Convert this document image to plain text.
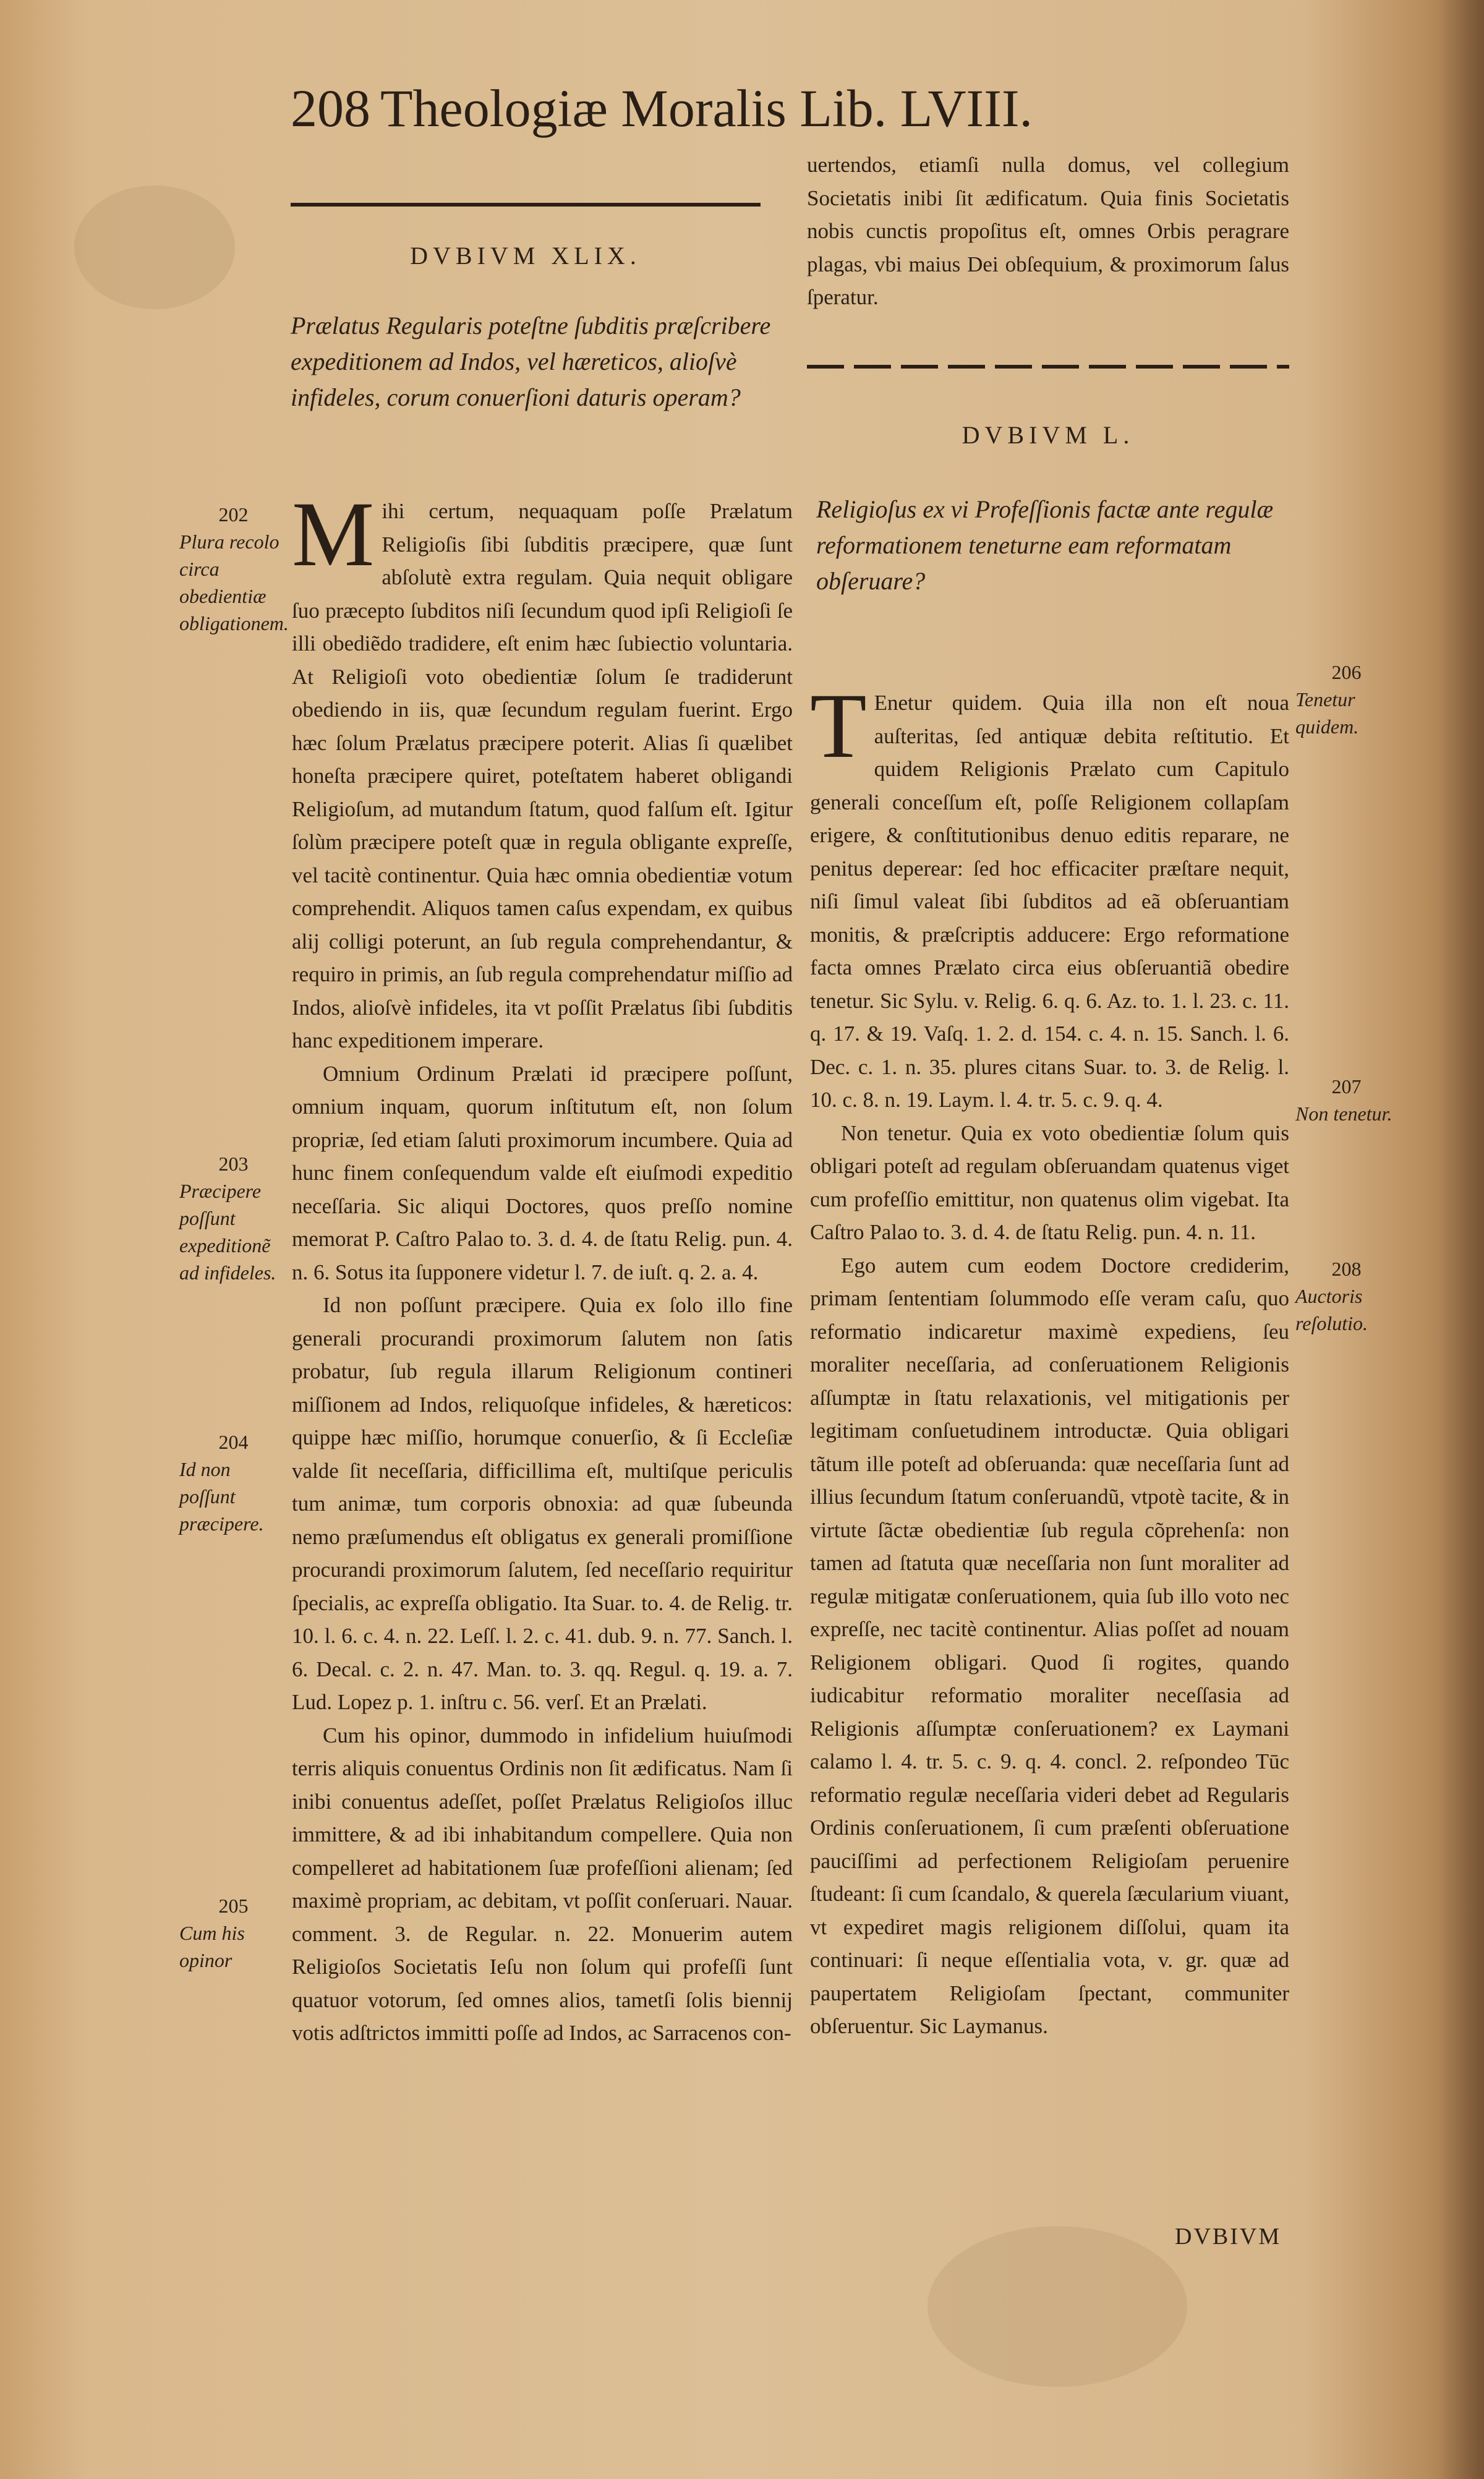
208 Theologiæ Moralis Lib. LVIII.
DVBIVM XLIX.
Prælatus Regularis poteſtne ſubditis præſcribere expeditionem ad Indos, vel hæreticos, alioſvè infideles, corum conuerſioni daturis operam?

Mihi certum, nequaquam poſſe Prælatum Religioſis ſibi ſubditis præcipere, quæ ſunt abſolutè extra regulam. Quia nequit obligare ſuo præcepto ſubditos niſi ſecundum quod ipſi Religioſi ſe illi obediẽdo tradidere, eſt enim hæc ſubiectio voluntaria. At Religioſi voto obedientiæ ſolum ſe tradiderunt obediendo in iis, quæ ſecundum regulam fuerint. Ergo hæc ſolum Prælatus præcipere poterit. Alias ſi quælibet honeſta præcipere quiret, poteſtatem haberet obligandi Religioſum, ad mutandum ſtatum, quod falſum eſt. Igitur ſolùm præcipere poteſt quæ in regula obligante expreſſe, vel tacitè continentur. Quia hæc omnia obedientiæ votum comprehendit. Aliquos tamen caſus expendam, ex quibus alij colligi poterunt, an ſub regula comprehendantur, & requiro in primis, an ſub regula comprehendatur miſſio ad Indos, alioſvè infideles, ita vt poſſit Prælatus ſibi ſubditis hanc expeditionem imperare.

Omnium Ordinum Prælati id præcipere poſſunt, omnium inquam, quorum inſtitutum eſt, non ſolum propriæ, ſed etiam ſaluti proximorum incumbere. Quia ad hunc finem conſequendum valde eſt eiuſmodi expeditio neceſſaria. Sic aliqui Doctores, quos preſſo nomine memorat P. Caſtro Palao to. 3. d. 4. de ſtatu Relig. pun. 4. n. 6. Sotus ita ſupponere videtur l. 7. de iuſt. q. 2. a. 4.

Id non poſſunt præcipere. Quia ex ſolo illo fine generali procurandi proximorum ſalutem non ſatis probatur, ſub regula illarum Religionum contineri miſſionem ad Indos, reliquoſque infideles, & hæreticos: quippe hæc miſſio, horumque conuerſio, & ſi Eccleſiæ valde ſit neceſſaria, difficillima eſt, multiſque periculis tum animæ, tum corporis obnoxia: ad quæ ſubeunda nemo præſumendus eſt obligatus ex generali promiſſione procurandi proximorum ſalutem, ſed neceſſario requiritur ſpecialis, ac expreſſa obligatio. Ita Suar. to. 4. de Relig. tr. 10. l. 6. c. 4. n. 22. Leſſ. l. 2. c. 41. dub. 9. n. 77. Sanch. l. 6. Decal. c. 2. n. 47. Man. to. 3. qq. Regul. q. 19. a. 7. Lud. Lopez p. 1. inſtru c. 56. verſ. Et an Prælati.

Cum his opinor, dummodo in infidelium huiuſmodi terris aliquis conuentus Ordinis non ſit ædificatus. Nam ſi inibi conuentus adeſſet, poſſet Prælatus Religioſos illuc immittere, & ad ibi inhabitandum compellere. Quia non compelleret ad habitationem ſuæ profeſſioni alienam; ſed maximè propriam, ac debitam, vt poſſit conſeruari. Nauar. comment. 3. de Regular. n. 22. Monuerim autem Religioſos Societatis Ieſu non ſolum qui profeſſi ſunt quatuor votorum, ſed omnes alios, tametſi ſolis biennij votis adſtrictos immitti poſſe ad Indos, ac Sarracenos con-

202
Plura recolo circa obedientiæ obligationem.
203
Præcipere poſſunt expeditionẽ ad infideles.
204
Id non poſſunt præcipere.
205
Cum his opinor

uertendos, etiamſi nulla domus, vel collegium Societatis inibi ſit ædificatum. Quia finis Societatis nobis cunctis propoſitus eſt, omnes Orbis peragrare plagas, vbi maius Dei obſequium, & proximorum ſalus ſperatur.

DVBIVM L.
Religioſus ex vi Profeſſionis factæ ante regulæ reformationem teneturne eam reformatam obſeruare?

T Enetur quidem. Quia illa non eſt noua auſteritas, ſed antiquæ debita reſtitutio. Et quidem Religionis Prælato cum Capitulo generali conceſſum eſt, poſſe Religionem collapſam erigere, & conſtitutionibus denuo editis reparare, ne penitus deperear: ſed hoc efficaciter præſtare nequit, niſi ſimul valeat ſibi ſubditos ad eã obſeruantiam monitis, & præſcriptis adducere: Ergo reformatione facta omnes Prælato circa eius obſeruantiã obedire tenetur. Sic Sylu. v. Relig. 6. q. 6. Az. to. 1. l. 23. c. 11. q. 17. & 19. Vaſq. 1. 2. d. 154. c. 4. n. 15. Sanch. l. 6. Dec. c. 1. n. 35. plures citans Suar. to. 3. de Relig. l. 10. c. 8. n. 19. Laym. l. 4. tr. 5. c. 9. q. 4.

Non tenetur. Quia ex voto obedientiæ ſolum quis obligari poteſt ad regulam obſeruandam quatenus viget cum profeſſio emittitur, non quatenus olim vigebat. Ita Caſtro Palao to. 3. d. 4. de ſtatu Relig. pun. 4. n. 11.

Ego autem cum eodem Doctore crediderim, primam ſententiam ſolummodo eſſe veram caſu, quo reformatio indicaretur maximè expediens, ſeu moraliter neceſſaria, ad conſeruationem Religionis aſſumptæ in ſtatu relaxationis, vel mitigationis per legitimam conſuetudinem introductæ. Quia obligari tãtum ille poteſt ad obſeruanda: quæ neceſſaria ſunt ad illius ſecundum ſtatum conſeruandũ, vtpotè tacite, & in virtute ſãctæ obedientiæ ſub regula cõprehenſa: non tamen ad ſtatuta quæ neceſſaria non ſunt moraliter ad regulæ mitigatæ conſeruationem, quia ſub illo voto nec expreſſe, nec tacitè continentur. Alias poſſet ad nouam Religionem obligari. Quod ſi rogites, quando iudicabitur reformatio moraliter neceſſasia ad Religionis aſſumptæ conſeruationem? ex Laymani calamo l. 4. tr. 5. c. 9. q. 4. concl. 2. reſpondeo Tūc reformatio regulæ neceſſaria videri debet ad Regularis Ordinis conſeruationem, ſi cum præſenti obſeruatione pauciſſimi ad perfectionem Religioſam peruenire ſtudeant: ſi cum ſcandalo, & querela ſæcularium viuant, vt expediret magis religionem diſſolui, quam ita continuari: ſi neque eſſentialia vota, v. gr. quæ ad paupertatem Religioſam ſpectant, communiter obſeruentur. Sic Laymanus.

206
Tenetur quidem.
207
Non tenetur.
208
Auctoris reſolutio.
DVBIVM
